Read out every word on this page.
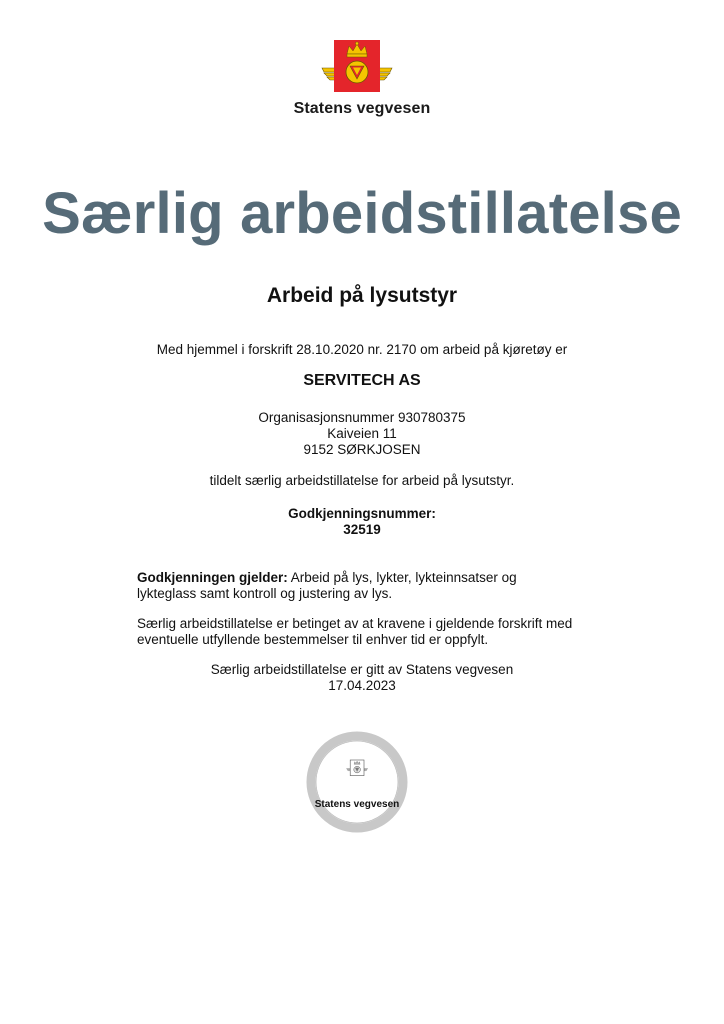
Statens vegvesen
Særlig arbeidstillatelse
Arbeid på lysutstyr
Med hjemmel i forskrift 28.10.2020 nr. 2170 om arbeid på kjøretøy er
SERVITECH AS
Organisasjonsnummer 930780375
Kaiveien 11
9152 SØRKJOSEN
tildelt særlig arbeidstillatelse for arbeid på lysutstyr.
Godkjenningsnummer:
32519
Godkjenningen gjelder: Arbeid på lys, lykter, lykteinnsatser og
lykteglass samt kontroll og justering av lys.
Særlig arbeidstillatelse er betinget av at kravene i gjeldende forskrift med
eventuelle utfyllende bestemmelser til enhver tid er oppfylt.
Særlig arbeidstillatelse er gitt av Statens vegvesen
17.04.2023
GODKJENT AV
Statens vegvesen
